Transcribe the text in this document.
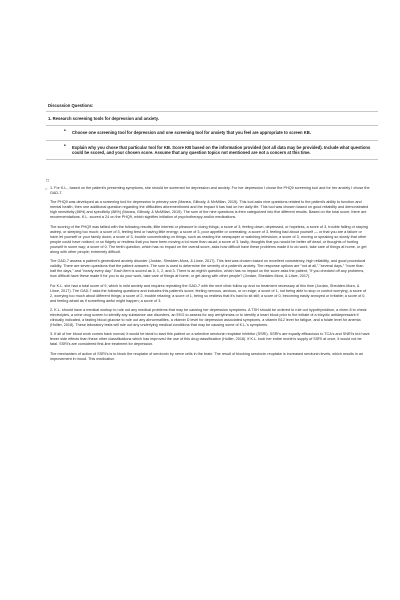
Discussion Questions:
1. Research screening tools for depression and anxiety.
• Choose one screening tool for depression and one screening tool for anxiety that you feel are appropriate to screen KB.
• Explain why you chose that particular tool for KB. Score KB based on the information provided (not all data may be provided). Include what questions could be scored, and your chosen score. Assume that any question topics not mentioned are not a concern at this time.
□

○ 1. For K.L., based on the patient's presenting symptoms, she should be screened for depression and anxiety. For her depression I chose the PHQ9 screening tool and for her anxiety I chose the GAD-7.

The PHQ9 was developed as a screening tool for depression in primary care (Manea, Gilbody, & McMillan, 2015). This tool asks nine questions related to the patient's ability to function and mental health, then one additional question regarding the difficulties aforementioned and the impact it has had on her daily life. This tool was chosen based on good reliability and demonstrated high sensitivity (88%) and specificity (88%) (Manea, Gilbody, & McMillan, 2015). The sum of the nine questions is then categorized into five different results. Based on the total score, there are recommendations. K.L. scored a 24 on the PHQ9, which signifies initiation of psychotherapy and/or medications.

The scoring of the PHQ9 was tallied with the following results; little interest or pleasure in doing things; a score of 3, feeling down, depressed, or hopeless, a score of 3, trouble falling or staying asleep, or sleeping too much; a score of 3, feeling tired or having little energy; a score of 3, poor appetite or overeating; a score of 3, feeling bad about yourself — or that you are a failure or have let yourself or your family down; a score of 3, trouble concentrating on things, such as reading the newspaper or watching television; a score of 3, moving or speaking so slowly that other people could have noticed; or so fidgety or restless that you have been moving a lot more than usual; a score of 3, lastly, thoughts that you would be better off dead, or thoughts of hurting yourself in some way; a score of 0. The tenth question, which has no impact on the overall score, asks how difficult have these problems made it to do work, take care of things at home, or get along with other people; extremely difficult.

The GAD-7 assess a patient's generalized anxiety disorder (Jordan, Shedden-Mora, & Löwe, 2017). This test was chosen based on excellent consistency, high reliability, and good procedural validity. There are seven questions that the patient answers. The sum is used to determine the severity of a patient's anxiety. The response options are "not at all," "several days," "more than half the days," and "nearly every day." Each item is scored as 0, 1, 2, and 3. There is an eighth question, which has no impact on the score asks the patient, "If you checked off any problems, how difficult have these made it for you to do your work, take care of things at home, or get along with other people? (Jordan, Shedden-Mora, & Löwe, 2017).

For K.L. she had a total score of 9, which is mild anxiety and requires repeating the GAD-7 with the next clinic follow up and no treatment necessary at this time (Jordan, Shedden-Mora, & Löwe, 2017). The GAD-7 asks the following questions and includes this patient's score; feeling nervous, anxious, or on edge; a score of 1, not being able to stop or control worrying; a score of 2, worrying too much about different things; a score of 2, trouble relaxing; a score of 1, being so restless that it's hard to sit still; a score of 0, becoming easily annoyed or irritable; a score of 0, and feeling afraid as if something awful might happen; a score of 3.

2. K.L. should have a medical workup to rule out any medical problems that may be causing her depression symptoms. A TSH should be ordered to rule out hypothyroidism, a chem 8 to check electrolytes, a urine drug screen to identify any substance use disorders, an EKG to assess for any arrhythmias or to identify a heart block prior to the initiate of a tricyclic antidepressant if clinically indicated, a fasting blood glucose to rule out any abnormalities, a vitamin D level for depression associated symptoms, a vitamin B12 level for fatigue, and a folate level for anemia (Hollier, 2018). These laboratory tests will rule out any underlying medical conditions that may be causing some of K.L.'s symptoms.

3. If all of her blood work comes back normal, it would be ideal to start this patient on a selective serotonin reuptake inhibitor (SSRI). SSRI's are equally efficacious to TCA's and SNRI's but have fewer side effects than these other classifications which has improved the use of this drug classification (Hollier, 2018). If K.L. took her entire month's supply of SSRI at once, it would not be fatal. SSRI's are considered first-line treatment for depression.

The mechanism of action of SSRI's is to block the reuptake of serotonin by nerve cells in the brain. The result of blocking serotonin reuptake is increased serotonin levels, which results in an improvement in mood. This medication
